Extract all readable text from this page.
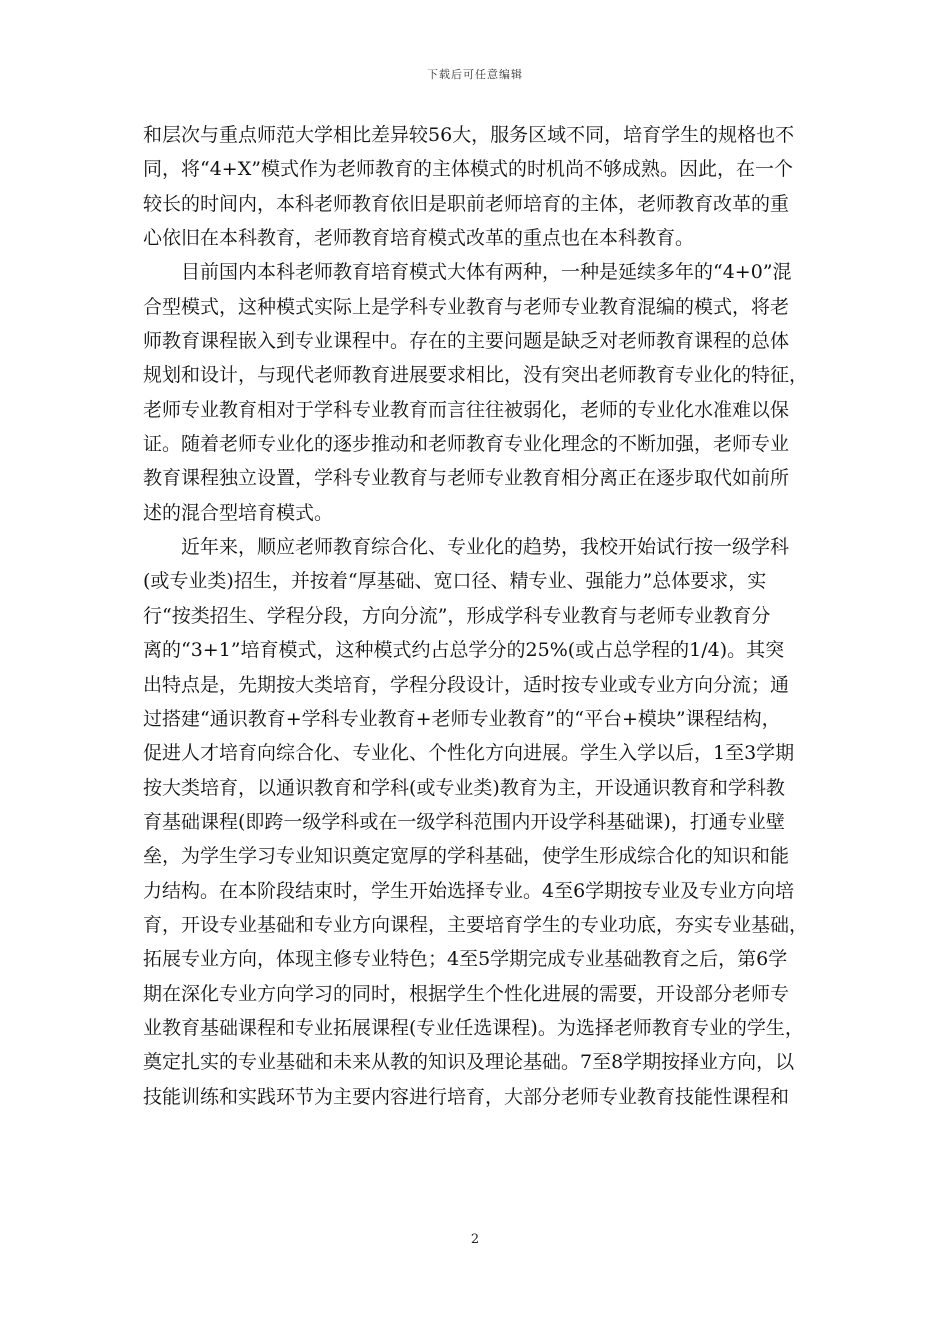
下载后可任意编辑
和层次与重点师范大学相比差异较56大，服务区域不同，培育学生的规格也不
同，将“4+X”模式作为老师教育的主体模式的时机尚不够成熟。因此，在一个
较长的时间内，本科老师教育依旧是职前老师培育的主体，老师教育改革的重
心依旧在本科教育，老师教育培育模式改革的重点也在本科教育。
目前国内本科老师教育培育模式大体有两种，一种是延续多年的“4+0”混
合型模式，这种模式实际上是学科专业教育与老师专业教育混编的模式，将老
师教育课程嵌入到专业课程中。存在的主要问题是缺乏对老师教育课程的总体
规划和设计，与现代老师教育进展要求相比，没有突出老师教育专业化的特征，
老师专业教育相对于学科专业教育而言往往被弱化，老师的专业化水准难以保
证。随着老师专业化的逐步推动和老师教育专业化理念的不断加强，老师专业
教育课程独立设置，学科专业教育与老师专业教育相分离正在逐步取代如前所
述的混合型培育模式。
近年来，顺应老师教育综合化、专业化的趋势，我校开始试行按一级学科
(或专业类)招生，并按着“厚基础、宽口径、精专业、强能力”总体要求，实
行“按类招生、学程分段，方向分流”，形成学科专业教育与老师专业教育分
离的“3+1”培育模式，这种模式约占总学分的25%(或占总学程的1/4)。其突
出特点是，先期按大类培育，学程分段设计，适时按专业或专业方向分流；通
过搭建“通识教育+学科专业教育+老师专业教育”的“平台+模块”课程结构，
促进人才培育向综合化、专业化、个性化方向进展。学生入学以后，1至3学期
按大类培育，以通识教育和学科(或专业类)教育为主，开设通识教育和学科教
育基础课程(即跨一级学科或在一级学科范围内开设学科基础课)，打通专业壁
垒，为学生学习专业知识奠定宽厚的学科基础，使学生形成综合化的知识和能
力结构。在本阶段结束时，学生开始选择专业。4至6学期按专业及专业方向培
育，开设专业基础和专业方向课程，主要培育学生的专业功底，夯实专业基础，
拓展专业方向，体现主修专业特色；4至5学期完成专业基础教育之后，第6学
期在深化专业方向学习的同时，根据学生个性化进展的需要，开设部分老师专
业教育基础课程和专业拓展课程(专业任选课程)。为选择老师教育专业的学生，
奠定扎实的专业基础和未来从教的知识及理论基础。7至8学期按择业方向，以
技能训练和实践环节为主要内容进行培育，大部分老师专业教育技能性课程和
2
